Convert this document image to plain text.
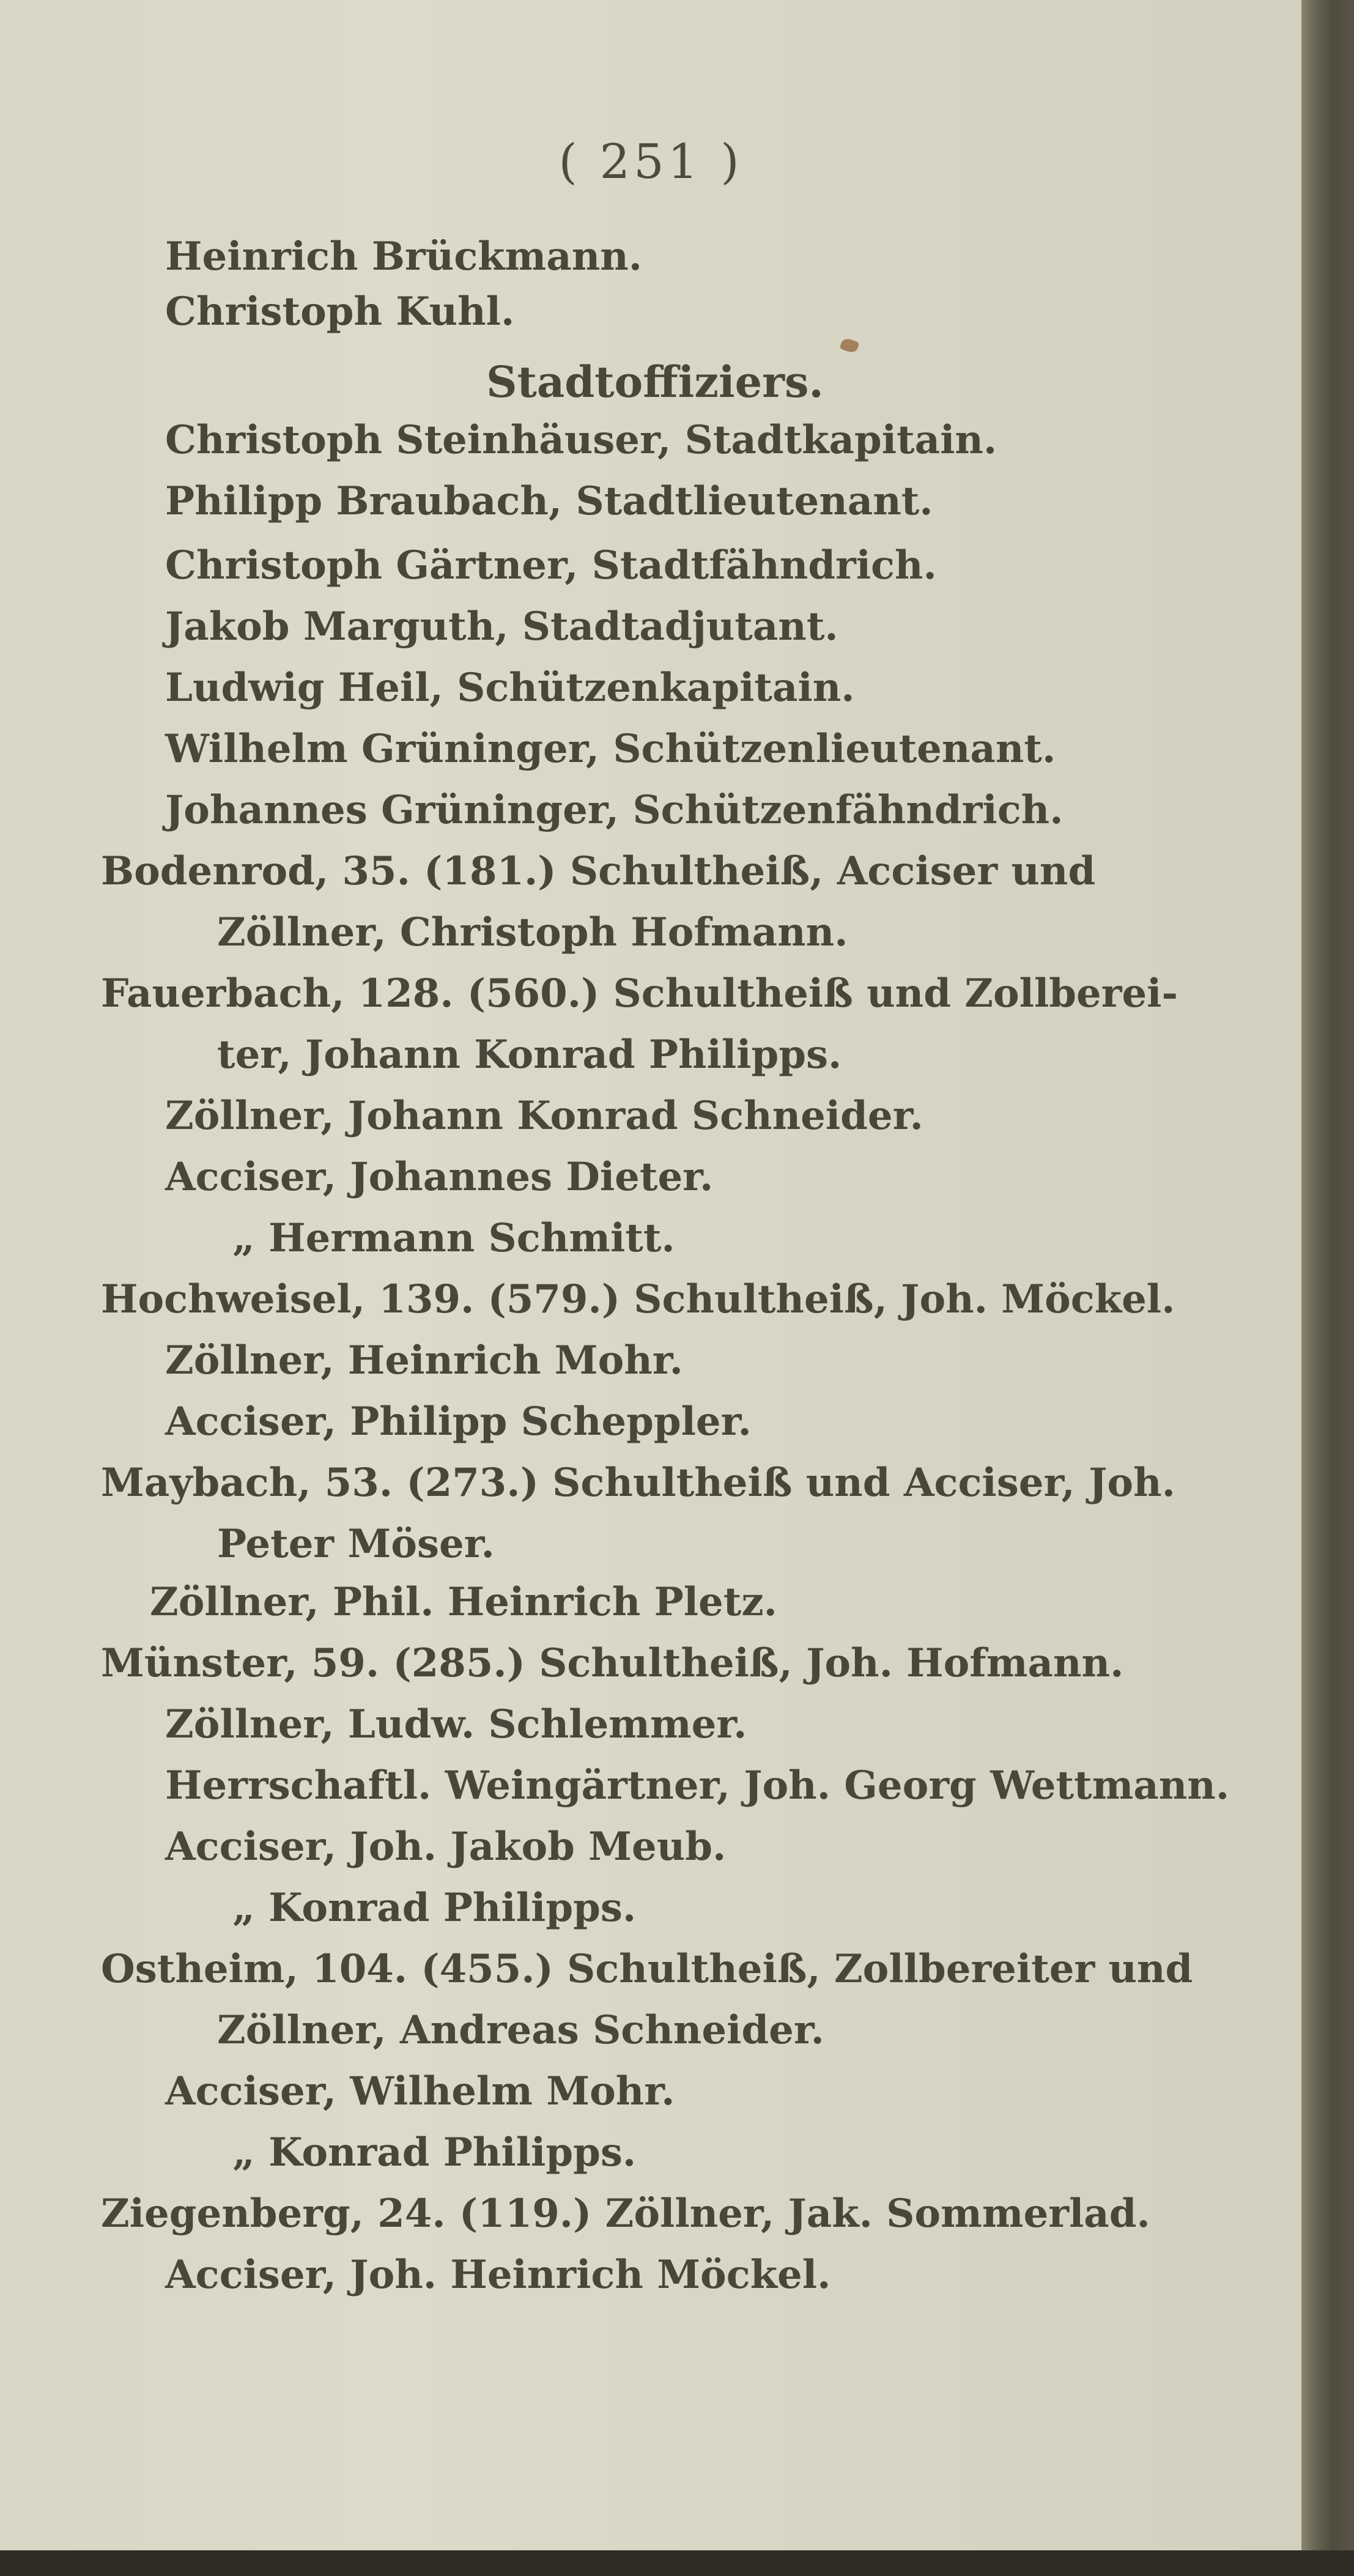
( 251 )
Heinrich Brückmann.
Christoph Kuhl.
Stadtoffiziers.
Christoph Steinhäuser, Stadtkapitain.
Philipp Braubach, Stadtlieutenant.
Christoph Gärtner, Stadtfähndrich.
Jakob Marguth, Stadtadjutant.
Ludwig Heil, Schützenkapitain.
Wilhelm Grüninger, Schützenlieutenant.
Johannes Grüninger, Schützenfähndrich.
Bodenrod, 35. (181.) Schultheiß, Acciser und
Zöllner, Christoph Hofmann.
Fauerbach, 128. (560.) Schultheiß und Zollberei-
ter, Johann Konrad Philipps.
Zöllner, Johann Konrad Schneider.
Acciser, Johannes Dieter.
„ Hermann Schmitt.
Hochweisel, 139. (579.) Schultheiß, Joh. Möckel.
Zöllner, Heinrich Mohr.
Acciser, Philipp Scheppler.
Maybach, 53. (273.) Schultheiß und Acciser, Joh.
Peter Möser.
Zöllner, Phil. Heinrich Pletz.
Münster, 59. (285.) Schultheiß, Joh. Hofmann.
Zöllner, Ludw. Schlemmer.
Herrschaftl. Weingärtner, Joh. Georg Wettmann.
Acciser, Joh. Jakob Meub.
„ Konrad Philipps.
Ostheim, 104. (455.) Schultheiß, Zollbereiter und
Zöllner, Andreas Schneider.
Acciser, Wilhelm Mohr.
„ Konrad Philipps.
Ziegenberg, 24. (119.) Zöllner, Jak. Sommerlad.
Acciser, Joh. Heinrich Möckel.
